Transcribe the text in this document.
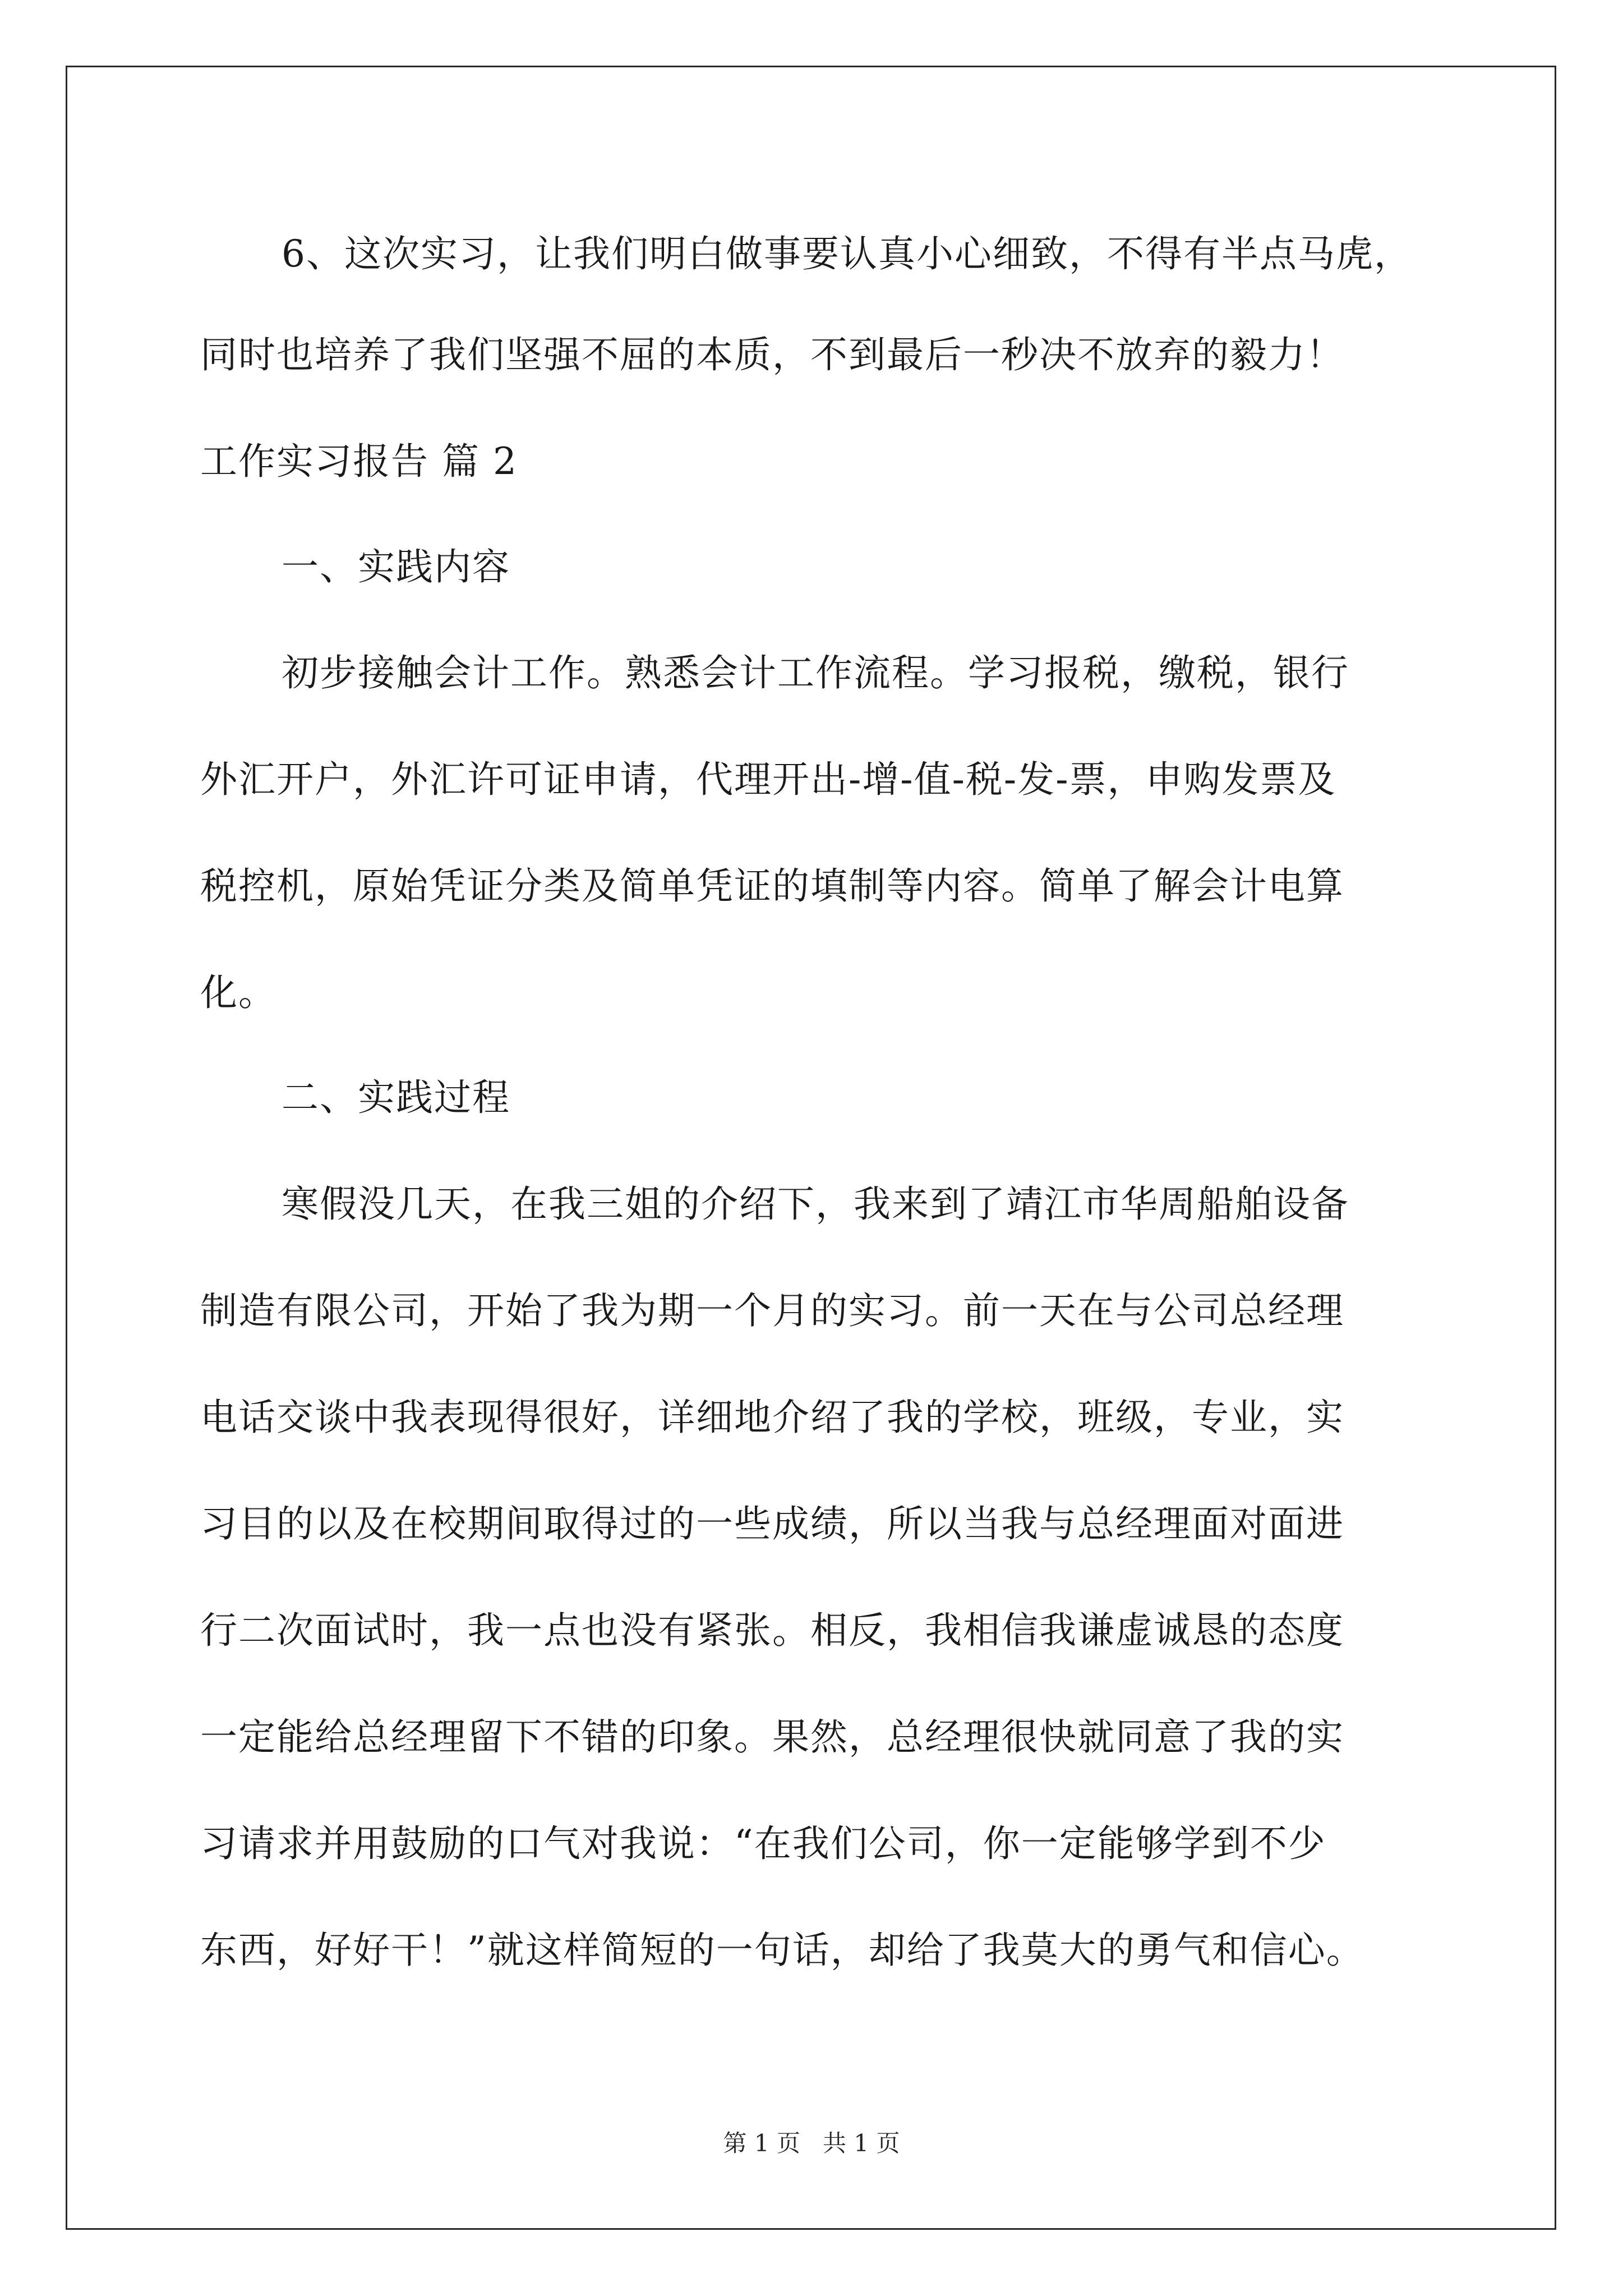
6、这次实习，让我们明白做事要认真小心细致，不得有半点马虎，
同时也培养了我们坚强不屈的本质，不到最后一秒决不放弃的毅力！
工作实习报告 篇 2
一、实践内容
初步接触会计工作。熟悉会计工作流程。学习报税，缴税，银行
外汇开户，外汇许可证申请，代理开出-增-值-税-发-票，申购发票及
税控机，原始凭证分类及简单凭证的填制等内容。简单了解会计电算
化。
二、实践过程
寒假没几天，在我三姐的介绍下，我来到了靖江市华周船舶设备
制造有限公司，开始了我为期一个月的实习。前一天在与公司总经理
电话交谈中我表现得很好，详细地介绍了我的学校，班级，专业，实
习目的以及在校期间取得过的一些成绩，所以当我与总经理面对面进
行二次面试时，我一点也没有紧张。相反，我相信我谦虚诚恳的态度
一定能给总经理留下不错的印象。果然，总经理很快就同意了我的实
习请求并用鼓励的口气对我说：“在我们公司，你一定能够学到不少
东西，好好干！”就这样简短的一句话，却给了我莫大的勇气和信心。
第 1 页   共 1 页
